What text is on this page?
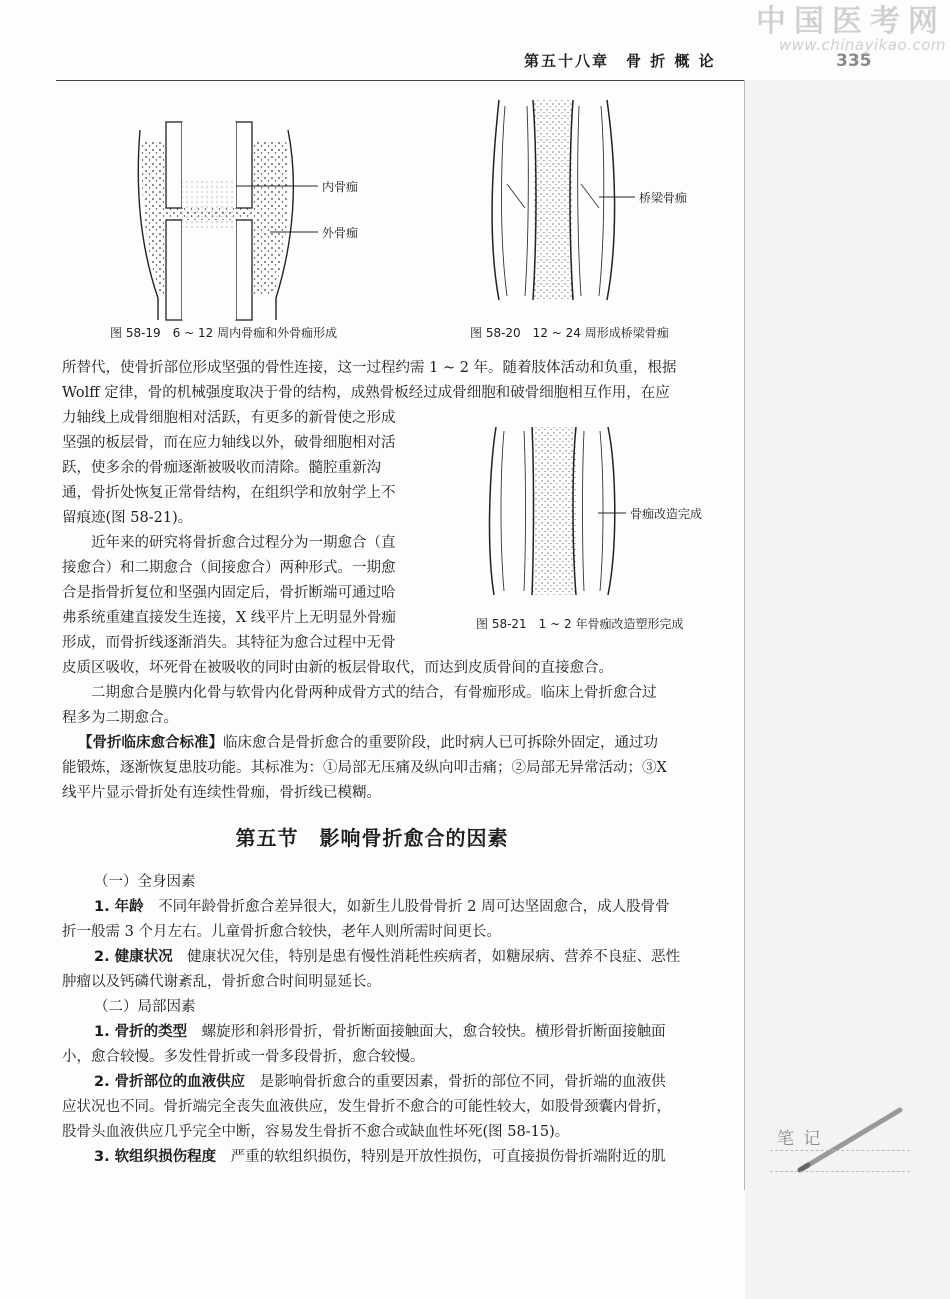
中国医考网
www.chinayikao.com
第五十八章　骨 折 概 论	335
内骨痂
外骨痂
图 58-19　6 ~ 12 周内骨痂和外骨痂形成
桥梁骨痂
图 58-20　12 ~ 24 周形成桥梁骨痂
骨痂改造完成
图 58-21　1 ~ 2 年骨痂改造塑形完成
所替代，使骨折部位形成坚强的骨性连接，这一过程约需 1 ~ 2 年。随着肢体活动和负重，根据
Wolff 定律，骨的机械强度取决于骨的结构，成熟骨板经过成骨细胞和破骨细胞相互作用，在应
力轴线上成骨细胞相对活跃，有更多的新骨使之形成
坚强的板层骨，而在应力轴线以外，破骨细胞相对活
跃，使多余的骨痂逐渐被吸收而清除。髓腔重新沟
通，骨折处恢复正常骨结构，在组织学和放射学上不
留痕迹(图 58-21)。
　　近年来的研究将骨折愈合过程分为一期愈合（直
接愈合）和二期愈合（间接愈合）两种形式。一期愈
合是指骨折复位和坚强内固定后，骨折断端可通过哈
弗系统重建直接发生连接，X 线平片上无明显外骨痂
形成，而骨折线逐渐消失。其特征为愈合过程中无骨
皮质区吸收，坏死骨在被吸收的同时由新的板层骨取代，而达到皮质骨间的直接愈合。
　　二期愈合是膜内化骨与软骨内化骨两种成骨方式的结合，有骨痂形成。临床上骨折愈合过
程多为二期愈合。
【骨折临床愈合标准】临床愈合是骨折愈合的重要阶段，此时病人已可拆除外固定，通过功
能锻炼，逐渐恢复患肢功能。其标准为：①局部无压痛及纵向叩击痛；②局部无异常活动；③X
线平片显示骨折处有连续性骨痂，骨折线已模糊。
第五节　影响骨折愈合的因素
（一）全身因素
1. 年龄　不同年龄骨折愈合差异很大，如新生儿股骨骨折 2 周可达坚固愈合，成人股骨骨
折一般需 3 个月左右。儿童骨折愈合较快，老年人则所需时间更长。
2. 健康状况　健康状况欠佳，特别是患有慢性消耗性疾病者，如糖尿病、营养不良症、恶性
肿瘤以及钙磷代谢紊乱，骨折愈合时间明显延长。
（二）局部因素
1. 骨折的类型　螺旋形和斜形骨折，骨折断面接触面大，愈合较快。横形骨折断面接触面
小，愈合较慢。多发性骨折或一骨多段骨折，愈合较慢。
2. 骨折部位的血液供应　是影响骨折愈合的重要因素，骨折的部位不同，骨折端的血液供
应状况也不同。骨折端完全丧失血液供应，发生骨折不愈合的可能性较大，如股骨颈囊内骨折，
股骨头血液供应几乎完全中断，容易发生骨折不愈合或缺血性坏死(图 58-15)。
3. 软组织损伤程度　严重的软组织损伤，特别是开放性损伤，可直接损伤骨折端附近的肌
笔 记
